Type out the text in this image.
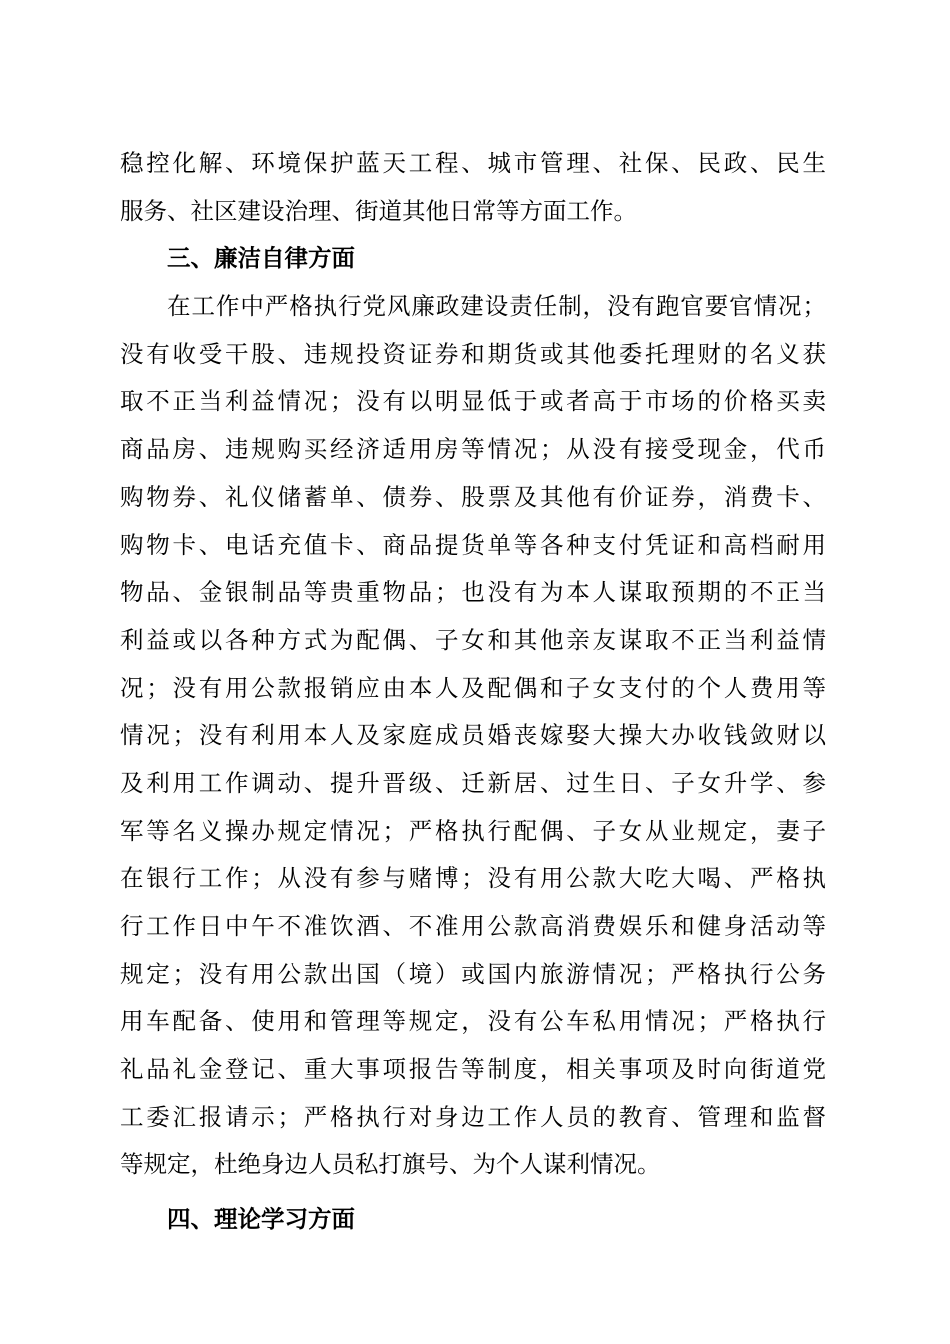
稳控化解、环境保护蓝天工程、城市管理、社保、民政、民生
服务、社区建设治理、街道其他日常等方面工作。
三、廉洁自律方面
在工作中严格执行党风廉政建设责任制，没有跑官要官情况；
没有收受干股、违规投资证券和期货或其他委托理财的名义获
取不正当利益情况；没有以明显低于或者高于市场的价格买卖
商品房、违规购买经济适用房等情况；从没有接受现金，代币
购物券、礼仪储蓄单、债券、股票及其他有价证券，消费卡、
购物卡、电话充值卡、商品提货单等各种支付凭证和高档耐用
物品、金银制品等贵重物品；也没有为本人谋取预期的不正当
利益或以各种方式为配偶、子女和其他亲友谋取不正当利益情
况；没有用公款报销应由本人及配偶和子女支付的个人费用等
情况；没有利用本人及家庭成员婚丧嫁娶大操大办收钱敛财以
及利用工作调动、提升晋级、迁新居、过生日、子女升学、参
军等名义操办规定情况；严格执行配偶、子女从业规定，妻子
在银行工作；从没有参与赌博；没有用公款大吃大喝、严格执
行工作日中午不准饮酒、不准用公款高消费娱乐和健身活动等
规定；没有用公款出国（境）或国内旅游情况；严格执行公务
用车配备、使用和管理等规定，没有公车私用情况；严格执行
礼品礼金登记、重大事项报告等制度，相关事项及时向街道党
工委汇报请示；严格执行对身边工作人员的教育、管理和监督
等规定，杜绝身边人员私打旗号、为个人谋利情况。
四、理论学习方面
